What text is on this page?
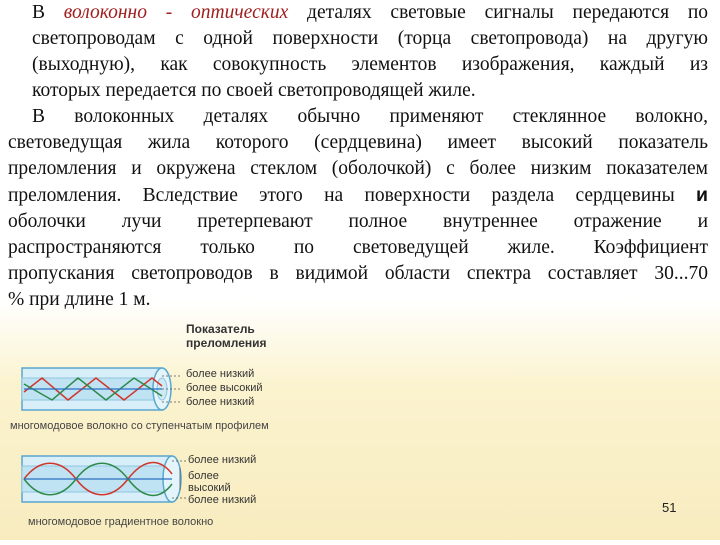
В волоконно - оптических деталях световые сигналы передаются по
светопроводам с одной поверхности (торца светопровода) на другую
(выходную), как совокупность элементов изображения, каждый из
которых передается по своей светопроводящей жиле.

В волоконных деталях обычно применяют стеклянное волокно,
световедущая жила которого (сердцевина) имеет высокий показатель
преломления и окружена стеклом (оболочкой) с более низким показателем
преломления. Вследствие этого на поверхности раздела сердцевины и
оболочки лучи претерпевают полное внутреннее отражение и
распространяются только по световедущей жиле. Коэффициент
пропускания светопроводов в видимой области спектра составляет 30...70
% при длине 1 м.

Показатель
преломления
более низкий
более высокий
более низкий
многомодовое волокно со ступенчатым профилем
более низкий
более
высокий
более низкий
многомодовое градиентное волокно
51
